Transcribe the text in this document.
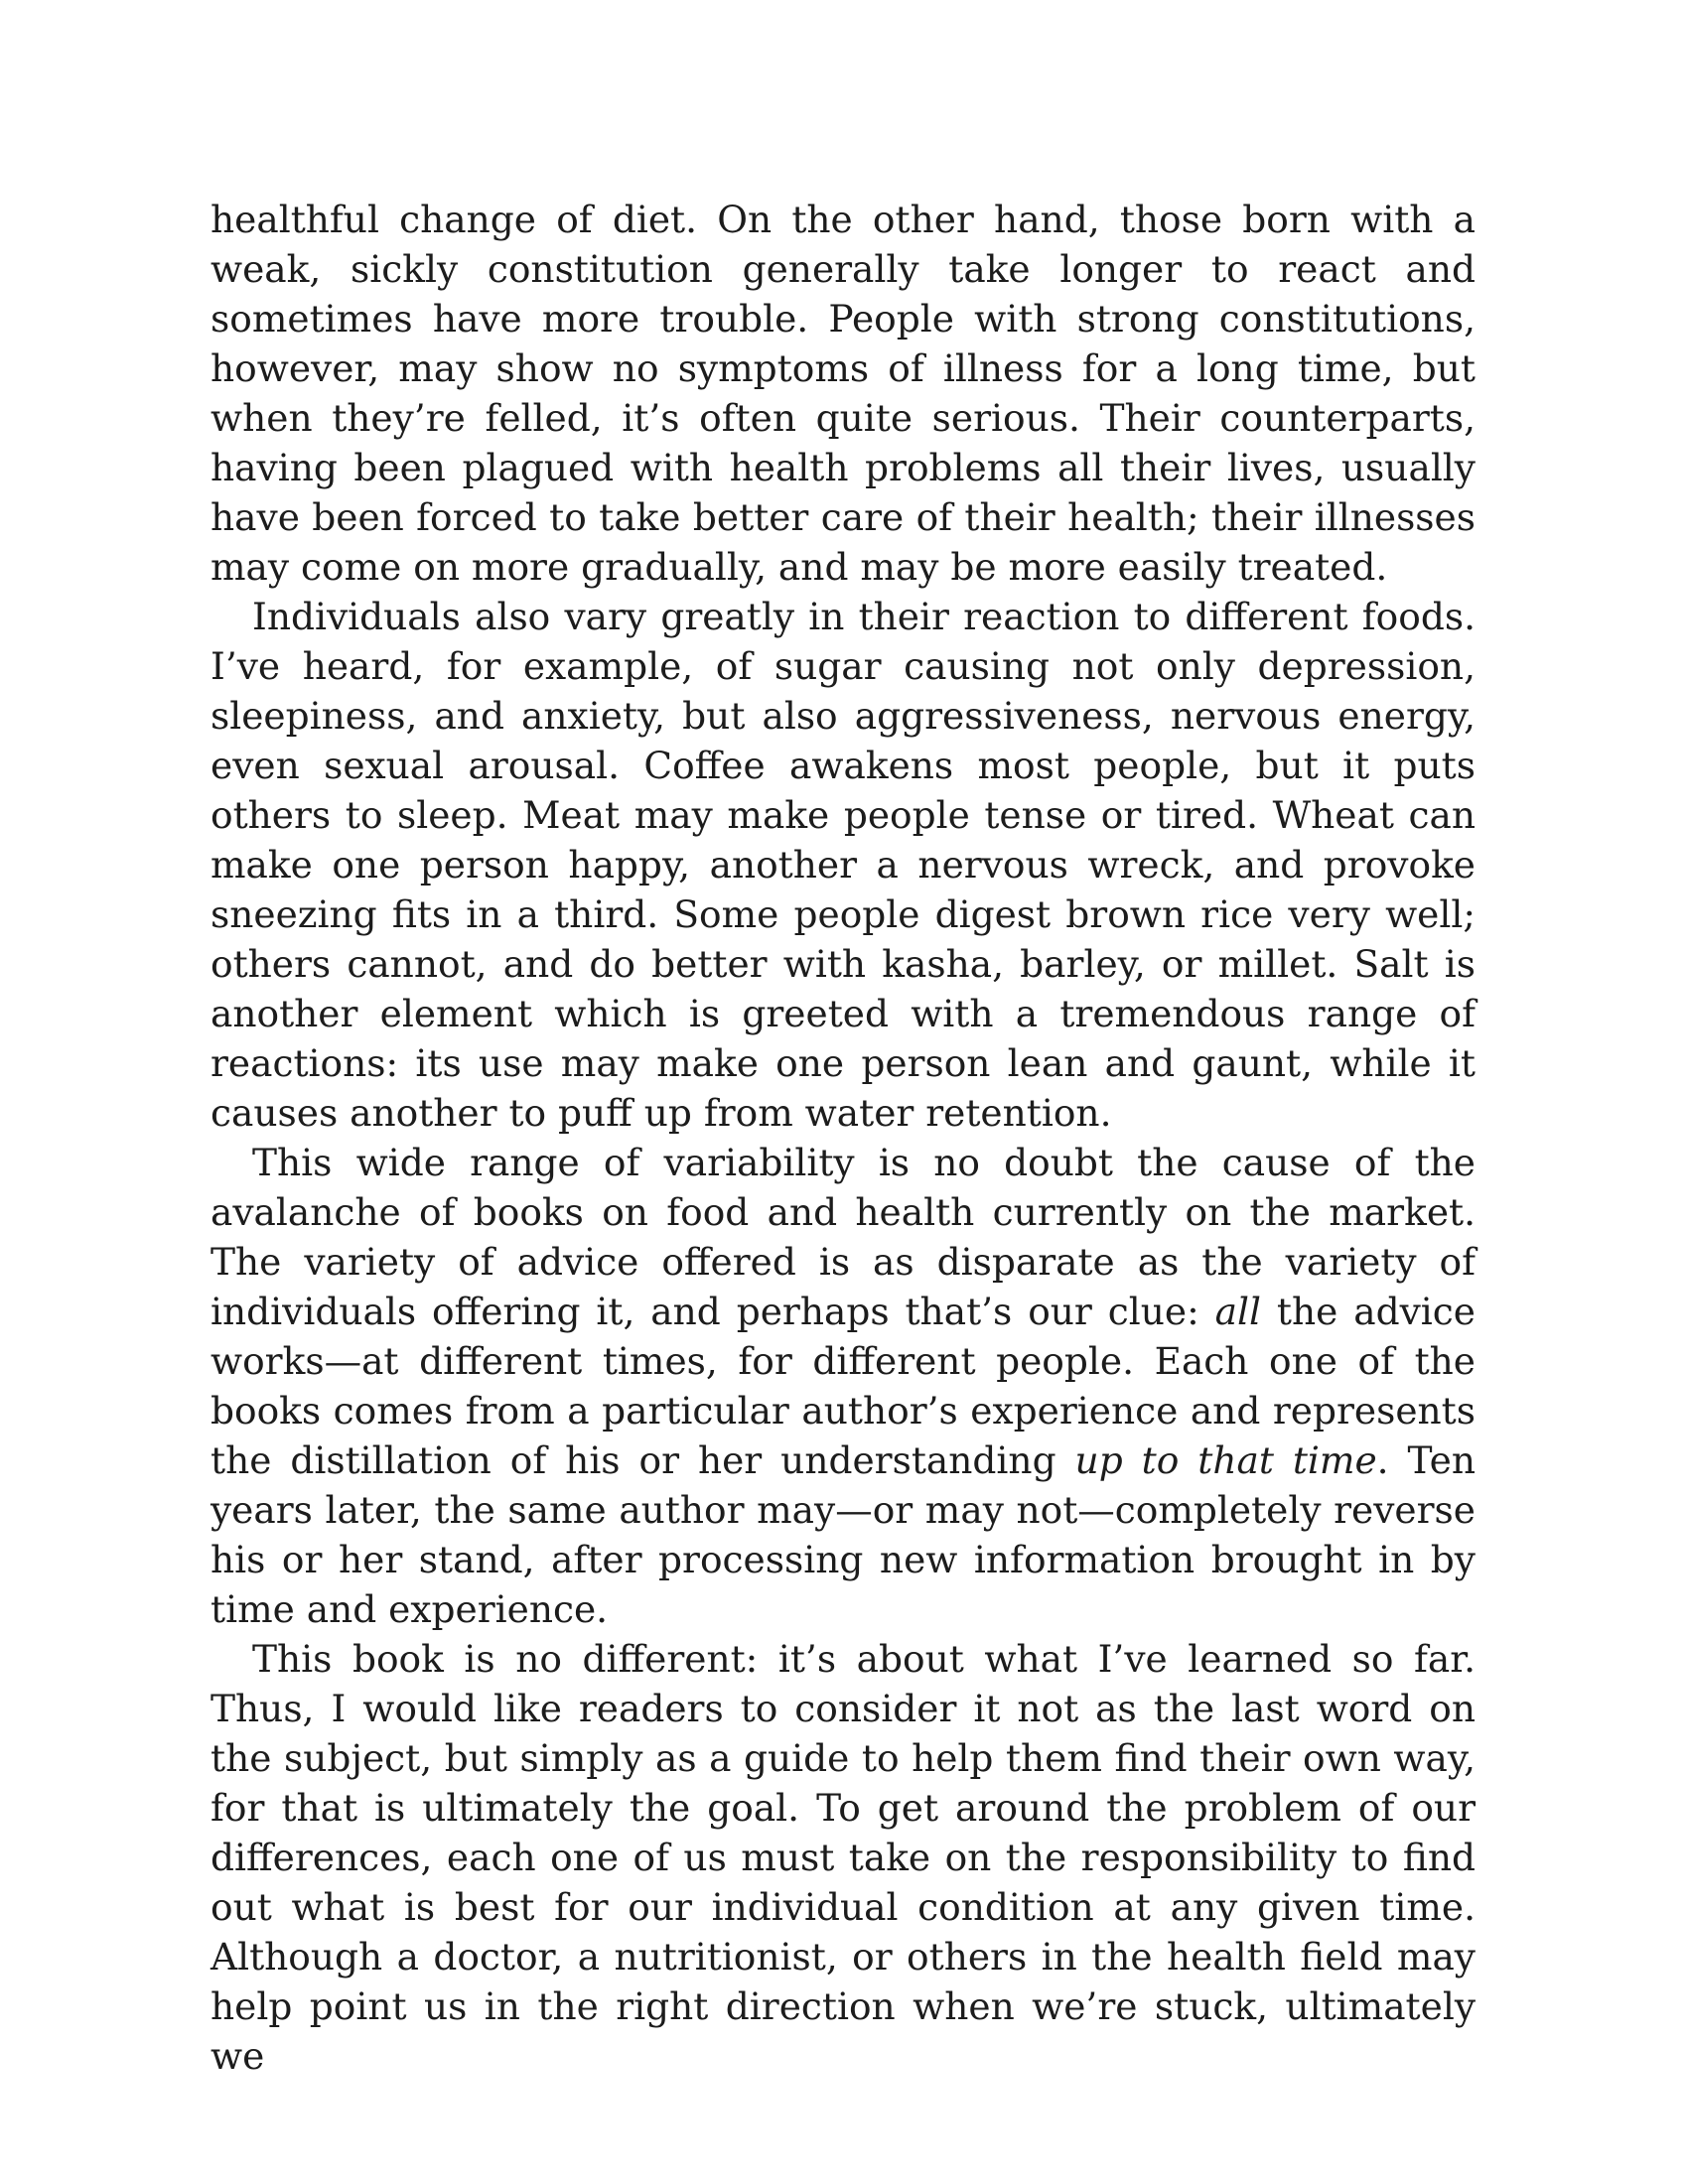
healthful change of diet. On the other hand, those born with a weak, sickly constitution generally take longer to react and sometimes have more trouble. People with strong constitutions, however, may show no symptoms of illness for a long time, but when they’re felled, it’s often quite serious. Their counterparts, having been plagued with health problems all their lives, usually have been forced to take better care of their health; their illnesses may come on more gradually, and may be more easily treated.

Individuals also vary greatly in their reaction to different foods. I’ve heard, for example, of sugar causing not only depression, sleepiness, and anxiety, but also aggressiveness, nervous energy, even sexual arousal. Coffee awakens most people, but it puts others to sleep. Meat may make people tense or tired. Wheat can make one person happy, another a nervous wreck, and provoke sneezing fits in a third. Some people digest brown rice very well; others cannot, and do better with kasha, barley, or millet. Salt is another element which is greeted with a tremendous range of reactions: its use may make one person lean and gaunt, while it causes another to puff up from water retention.

This wide range of variability is no doubt the cause of the avalanche of books on food and health currently on the market. The variety of advice offered is as disparate as the variety of individuals offering it, and perhaps that’s our clue: all the advice works—at different times, for different people. Each one of the books comes from a particular author’s experience and represents the distillation of his or her understanding up to that time. Ten years later, the same author may—or may not—completely reverse his or her stand, after processing new information brought in by time and experience.

This book is no different: it’s about what I’ve learned so far. Thus, I would like readers to consider it not as the last word on the subject, but simply as a guide to help them find their own way, for that is ultimately the goal. To get around the problem of our differences, each one of us must take on the responsibility to find out what is best for our individual condition at any given time. Although a doctor, a nutritionist, or others in the health field may help point us in the right direction when we’re stuck, ultimately we
